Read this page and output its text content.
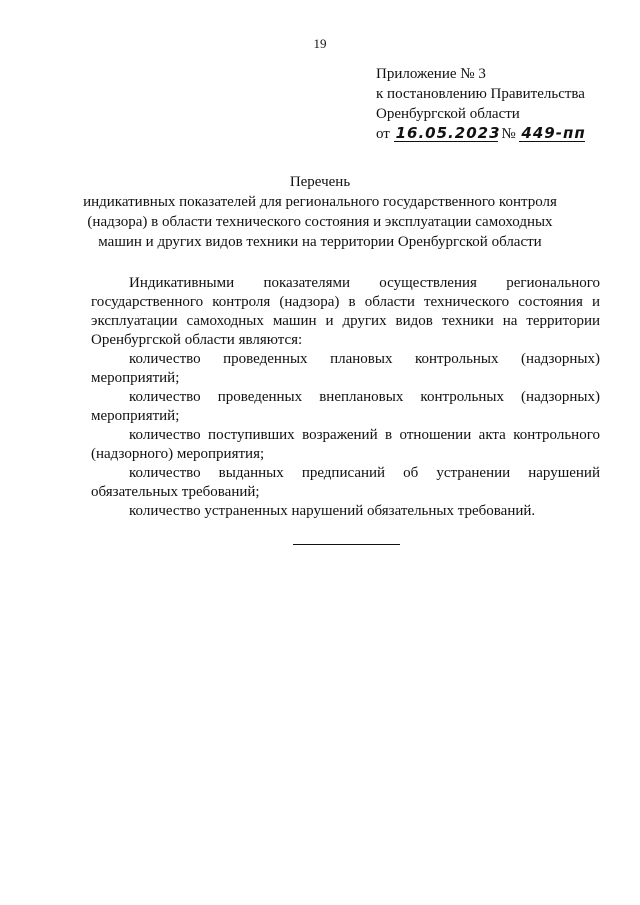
19
Приложение № 3
к постановлению Правительства
Оренбургской области
от 16.05.2023 № 449-пп
Перечень
индикативных показателей для регионального государственного контроля
(надзора) в области технического состояния и эксплуатации самоходных
машин и других видов техники на территории Оренбургской области

Индикативными показателями осуществления регионального государственного контроля (надзора) в области технического состояния и эксплуатации самоходных машин и других видов техники на территории Оренбургской области являются:

количество проведенных плановых контрольных (надзорных) мероприятий;

количество проведенных внеплановых контрольных (надзорных) мероприятий;

количество поступивших возражений в отношении акта контрольного (надзорного) мероприятия;

количество выданных предписаний об устранении нарушений обязательных требований;

количество устраненных нарушений обязательных требований.
